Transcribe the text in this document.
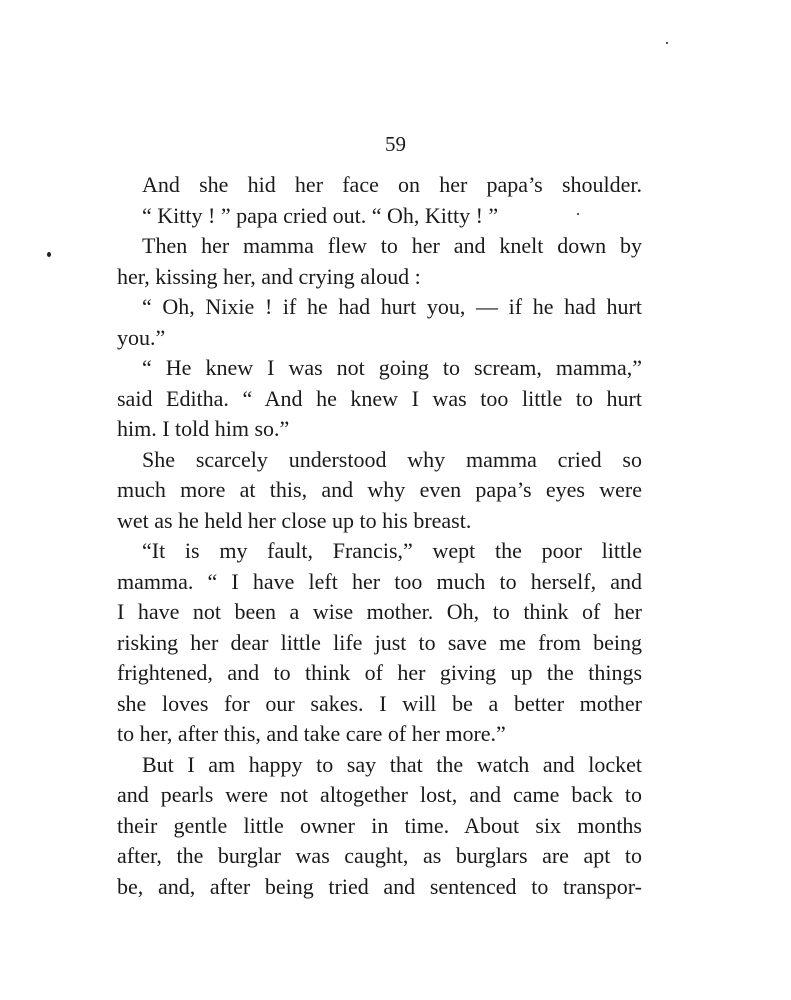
59
And she hid her face on her papa’s shoulder.
“ Kitty ! ” papa cried out. “ Oh, Kitty ! ”
Then her mamma flew to her and knelt down by
her, kissing her, and crying aloud :
“ Oh, Nixie ! if he had hurt you, — if he had hurt
you.”
“ He knew I was not going to scream, mamma,”
said Editha. “ And he knew I was too little to hurt
him. I told him so.”
She scarcely understood why mamma cried so
much more at this, and why even papa’s eyes were
wet as he held her close up to his breast.
“It is my fault, Francis,” wept the poor little
mamma. “ I have left her too much to herself, and
I have not been a wise mother. Oh, to think of her
risking her dear little life just to save me from being
frightened, and to think of her giving up the things
she loves for our sakes. I will be a better mother
to her, after this, and take care of her more.”
But I am happy to say that the watch and locket
and pearls were not altogether lost, and came back to
their gentle little owner in time. About six months
after, the burglar was caught, as burglars are apt to
be, and, after being tried and sentenced to transpor-
